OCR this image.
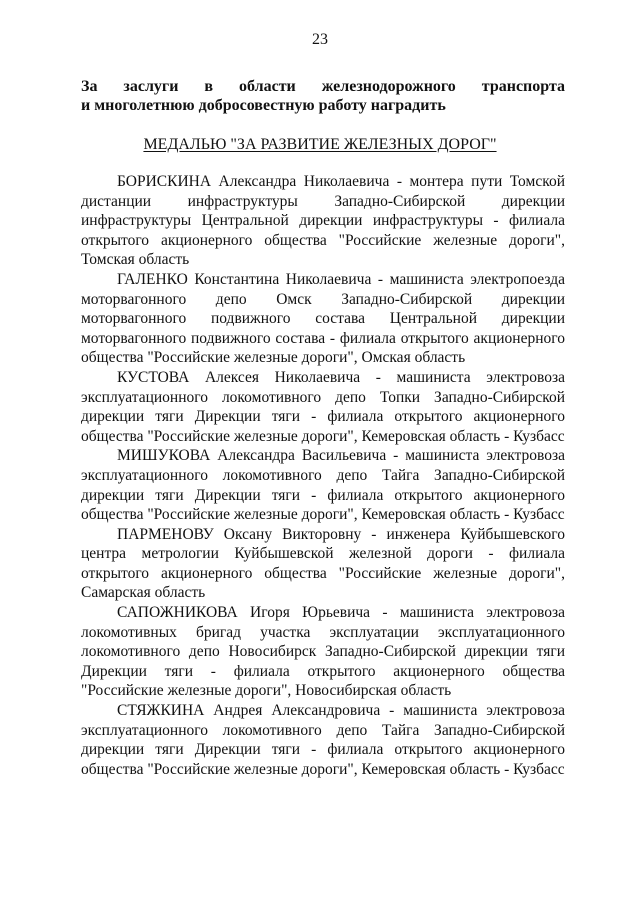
23
За заслуги в области железнодорожного транспорта
и многолетнюю добросовестную работу наградить
МЕДАЛЬЮ "ЗА РАЗВИТИЕ ЖЕЛЕЗНЫХ ДОРОГ"

БОРИСКИНА Александра Николаевича - монтера пути Томской дистанции инфраструктуры Западно-Сибирской дирекции инфраструктуры Центральной дирекции инфраструктуры - филиала открытого акционерного общества "Российские железные дороги", Томская область

ГАЛЕНКО Константина Николаевича - машиниста электропоезда моторвагонного депо Омск Западно-Сибирской дирекции моторвагонного подвижного состава Центральной дирекции моторвагонного подвижного состава - филиала открытого акционерного общества "Российские железные дороги", Омская область

КУСТОВА Алексея Николаевича - машиниста электровоза эксплуатационного локомотивного депо Топки Западно-Сибирской дирекции тяги Дирекции тяги - филиала открытого акционерного общества "Российские железные дороги", Кемеровская область - Кузбасс

МИШУКОВА Александра Васильевича - машиниста электровоза эксплуатационного локомотивного депо Тайга Западно-Сибирской дирекции тяги Дирекции тяги - филиала открытого акционерного общества "Российские железные дороги", Кемеровская область - Кузбасс

ПАРМЕНОВУ Оксану Викторовну - инженера Куйбышевского центра метрологии Куйбышевской железной дороги - филиала открытого акционерного общества "Российские железные дороги", Самарская область

САПОЖНИКОВА Игоря Юрьевича - машиниста электровоза локомотивных бригад участка эксплуатации эксплуатационного локомотивного депо Новосибирск Западно-Сибирской дирекции тяги Дирекции тяги - филиала открытого акционерного общества "Российские железные дороги", Новосибирская область

СТЯЖКИНА Андрея Александровича - машиниста электровоза эксплуатационного локомотивного депо Тайга Западно-Сибирской дирекции тяги Дирекции тяги - филиала открытого акционерного общества "Российские железные дороги", Кемеровская область - Кузбасс
